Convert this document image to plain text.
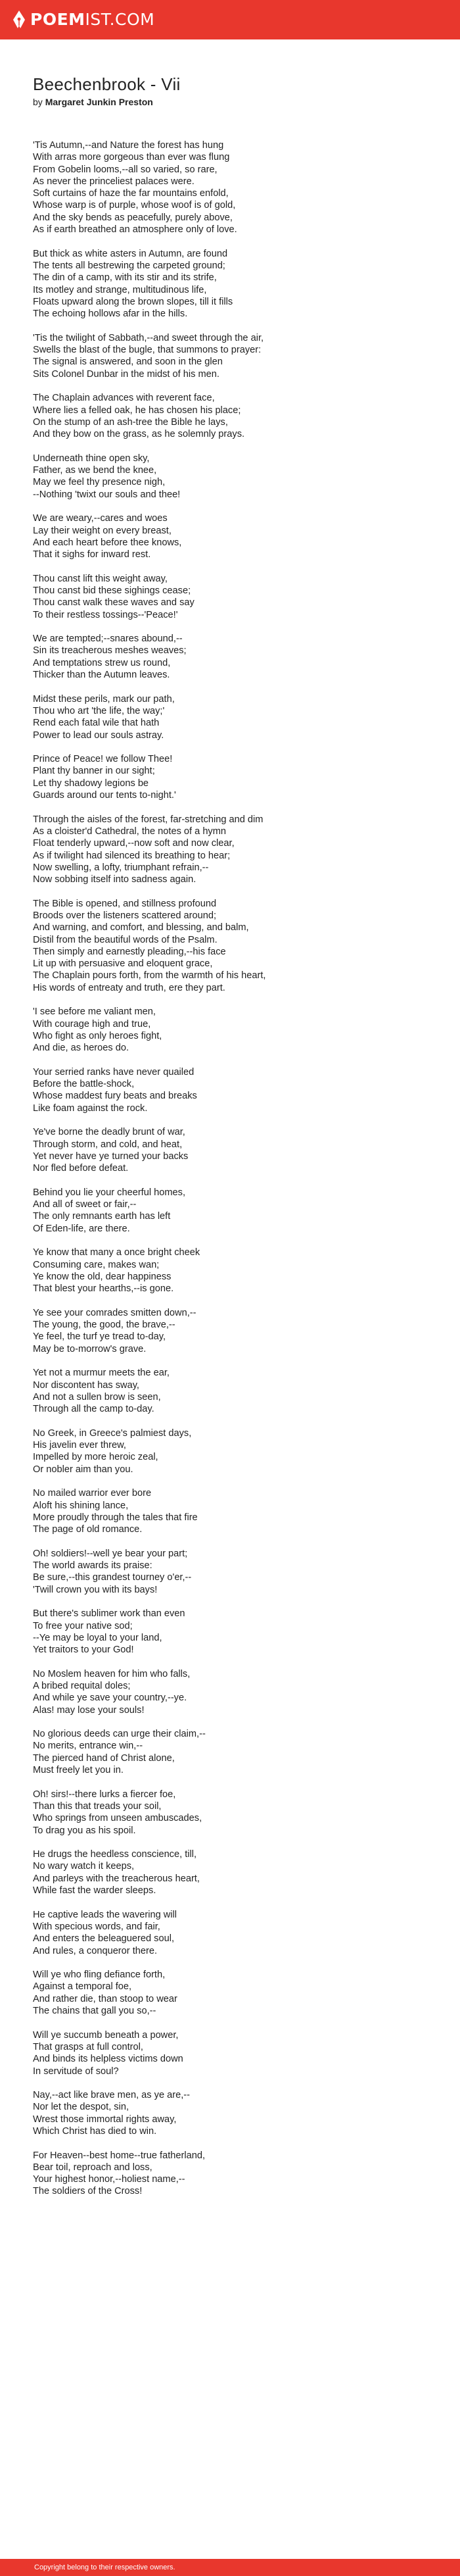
POEMIST.COM
Beechenbrook - Vii
by Margaret Junkin Preston

'Tis Autumn,--and Nature the forest has hung
With arras more gorgeous than ever was flung
From Gobelin looms,--all so varied, so rare,
As never the princeliest palaces were.
Soft curtains of haze the far mountains enfold,
Whose warp is of purple, whose woof is of gold,
And the sky bends as peacefully, purely above,
As if earth breathed an atmosphere only of love.

But thick as white asters in Autumn, are found
The tents all bestrewing the carpeted ground;
The din of a camp, with its stir and its strife,
Its motley and strange, multitudinous life,
Floats upward along the brown slopes, till it fills
The echoing hollows afar in the hills.

'Tis the twilight of Sabbath,--and sweet through the air,
Swells the blast of the bugle, that summons to prayer:
The signal is answered, and soon in the glen
Sits Colonel Dunbar in the midst of his men.

The Chaplain advances with reverent face,
Where lies a felled oak, he has chosen his place;
On the stump of an ash-tree the Bible he lays,
And they bow on the grass, as he solemnly prays.

Underneath thine open sky,
Father, as we bend the knee,
May we feel thy presence nigh,
--Nothing 'twixt our souls and thee!

We are weary,--cares and woes
Lay their weight on every breast,
And each heart before thee knows,
That it sighs for inward rest.

Thou canst lift this weight away,
Thou canst bid these sighings cease;
Thou canst walk these waves and say
To their restless tossings--'Peace!'

We are tempted;--snares abound,--
Sin its treacherous meshes weaves;
And temptations strew us round,
Thicker than the Autumn leaves.

Midst these perils, mark our path,
Thou who art 'the life, the way;'
Rend each fatal wile that hath
Power to lead our souls astray.

Prince of Peace! we follow Thee!
Plant thy banner in our sight;
Let thy shadowy legions be
Guards around our tents to-night.'

Through the aisles of the forest, far-stretching and dim
As a cloister'd Cathedral, the notes of a hymn
Float tenderly upward,--now soft and now clear,
As if twilight had silenced its breathing to hear;
Now swelling, a lofty, triumphant refrain,--
Now sobbing itself into sadness again.

The Bible is opened, and stillness profound
Broods over the listeners scattered around;
And warning, and comfort, and blessing, and balm,
Distil from the beautiful words of the Psalm.
Then simply and earnestly pleading,--his face
Lit up with persuasive and eloquent grace,
The Chaplain pours forth, from the warmth of his heart,
His words of entreaty and truth, ere they part.

'I see before me valiant men,
With courage high and true,
Who fight as only heroes fight,
And die, as heroes do.

Your serried ranks have never quailed
Before the battle-shock,
Whose maddest fury beats and breaks
Like foam against the rock.

Ye've borne the deadly brunt of war,
Through storm, and cold, and heat,
Yet never have ye turned your backs
Nor fled before defeat.

Behind you lie your cheerful homes,
And all of sweet or fair,--
The only remnants earth has left
Of Eden-life, are there.

Ye know that many a once bright cheek
Consuming care, makes wan;
Ye know the old, dear happiness
That blest your hearths,--is gone.

Ye see your comrades smitten down,--
The young, the good, the brave,--
Ye feel, the turf ye tread to-day,
May be to-morrow's grave.

Yet not a murmur meets the ear,
Nor discontent has sway,
And not a sullen brow is seen,
Through all the camp to-day.

No Greek, in Greece's palmiest days,
His javelin ever threw,
Impelled by more heroic zeal,
Or nobler aim than you.

No mailed warrior ever bore
Aloft his shining lance,
More proudly through the tales that fire
The page of old romance.

Oh! soldiers!--well ye bear your part;
The world awards its praise:
Be sure,--this grandest tourney o'er,--
'Twill crown you with its bays!

But there's sublimer work than even
To free your native sod;
--Ye may be loyal to your land,
Yet traitors to your God!

No Moslem heaven for him who falls,
A bribed requital doles;
And while ye save your country,--ye.
Alas! may lose your souls!

No glorious deeds can urge their claim,--
No merits, entrance win,--
The pierced hand of Christ alone,
Must freely let you in.

Oh! sirs!--there lurks a fiercer foe,
Than this that treads your soil,
Who springs from unseen ambuscades,
To drag you as his spoil.

He drugs the heedless conscience, till,
No wary watch it keeps,
And parleys with the treacherous heart,
While fast the warder sleeps.

He captive leads the wavering will
With specious words, and fair,
And enters the beleaguered soul,
And rules, a conqueror there.

Will ye who fling defiance forth,
Against a temporal foe,
And rather die, than stoop to wear
The chains that gall you so,--

Will ye succumb beneath a power,
That grasps at full control,
And binds its helpless victims down
In servitude of soul?

Nay,--act like brave men, as ye are,--
Nor let the despot, sin,
Wrest those immortal rights away,
Which Christ has died to win.

For Heaven--best home--true fatherland,
Bear toil, reproach and loss,
Your highest honor,--holiest name,--
The soldiers of the Cross!

Copyright belong to their respective owners.
